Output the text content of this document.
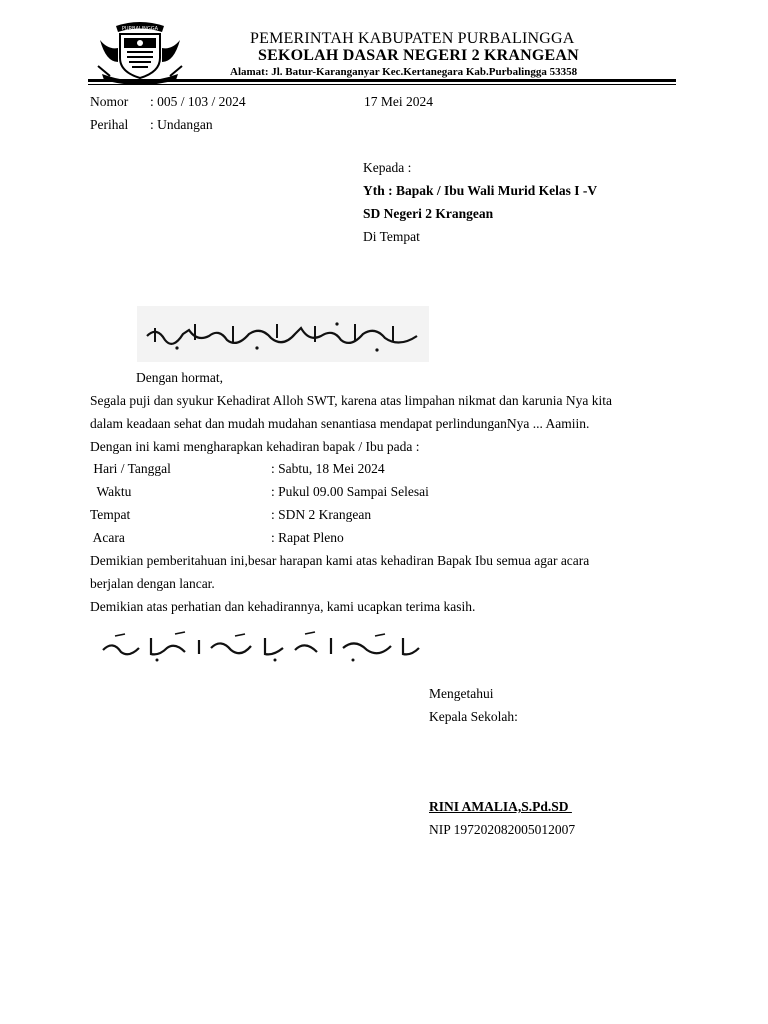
PURBALINGGA
PEMERINTAH KABUPATEN PURBALINGGA
SEKOLAH DASAR NEGERI 2 KRANGEAN
Alamat: Jl. Batur-Karanganyar Kec.Kertanegara Kab.Purbalingga 53358
Nomor : 005 / 103 / 2024	17 Mei 2024
Perihal : Undangan
Kepada :
Yth : Bapak / Ibu Wali Murid Kelas I -V
SD Negeri 2 Krangean
Di Tempat
Dengan hormat,
Segala puji dan syukur Kehadirat Alloh SWT, karena atas limpahan nikmat dan karunia Nya kita
dalam keadaan sehat dan mudah mudahan senantiasa mendapat perlindunganNya ... Aamiin.
Dengan ini kami mengharapkan kehadiran bapak / Ibu pada :
Hari / Tanggal	: Sabtu, 18 Mei 2024
Waktu	: Pukul 09.00 Sampai Selesai
Tempat	: SDN 2 Krangean
Acara	: Rapat Pleno
Demikian pemberitahuan ini,besar harapan kami atas kehadiran Bapak Ibu semua agar acara
berjalan dengan lancar.
Demikian atas perhatian dan kehadirannya, kami ucapkan terima kasih.
Mengetahui
Kepala Sekolah:
RINI AMALIA,S.Pd.SD
NIP 197202082005012007
